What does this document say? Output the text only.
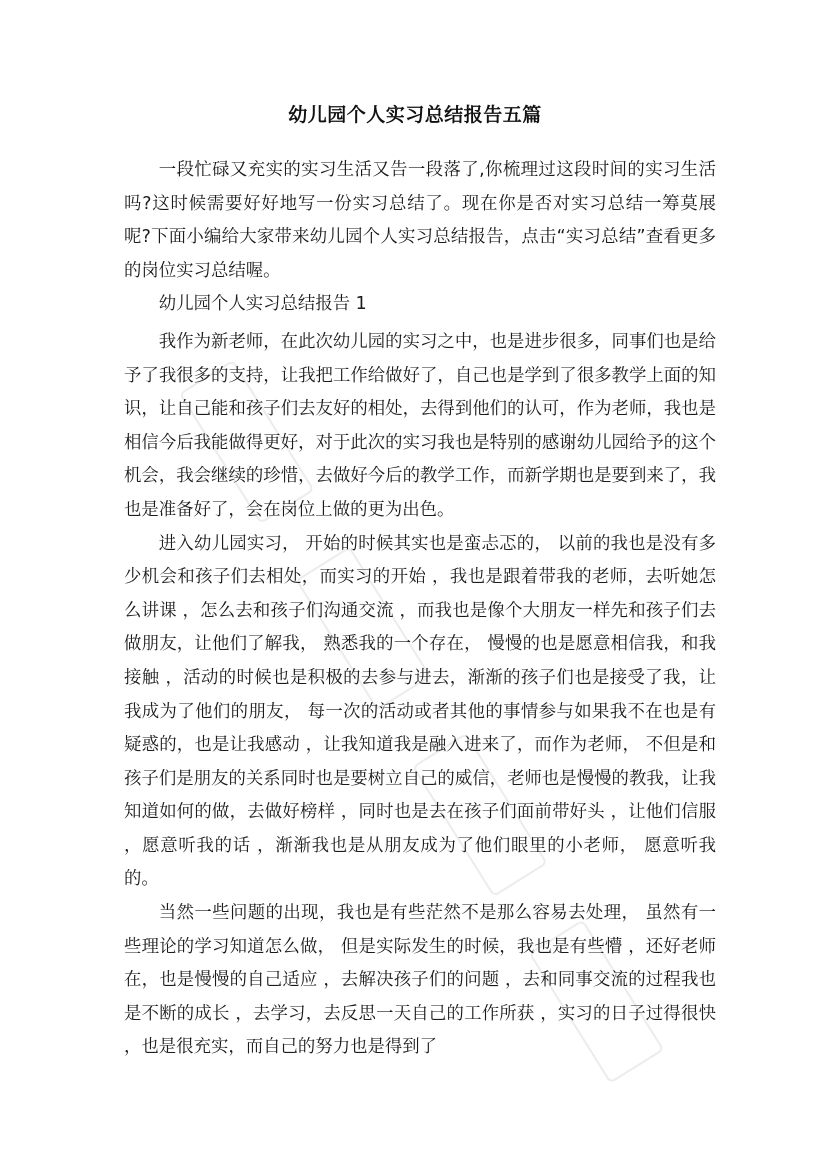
幼儿园个人实习总结报告五篇

一段忙碌又充实的实习生活又告一段落了,你梳理过这段时间的实习生活吗?这时候需要好好地写一份实习总结了。现在你是否对实习总结一筹莫展呢?下面小编给大家带来幼儿园个人实习总结报告，点击“实习总结”查看更多的岗位实习总结喔。

幼儿园个人实习总结报告 1

我作为新老师，在此次幼儿园的实习之中，也是进步很多，同事们也是给予了我很多的支持，让我把工作给做好了，自己也是学到了很多教学上面的知识，让自己能和孩子们去友好的相处，去得到他们的认可，作为老师，我也是相信今后我能做得更好，对于此次的实习我也是特别的感谢幼儿园给予的这个机会，我会继续的珍惜，去做好今后的教学工作，而新学期也是要到来了，我也是准备好了，会在岗位上做的更为出色。

进入幼儿园实习， 开始的时候其实也是蛮忐忑的， 以前的我也是没有多少机会和孩子们去相处，而实习的开始 ，我也是跟着带我的老师，去听她怎么讲课 ，怎么去和孩子们沟通交流 ，而我也是像个大朋友一样先和孩子们去做朋友，让他们了解我， 熟悉我的一个存在， 慢慢的也是愿意相信我，和我接触 ，活动的时候也是积极的去参与进去，渐渐的孩子们也是接受了我，让我成为了他们的朋友， 每一次的活动或者其他的事情参与如果我不在也是有疑惑的，也是让我感动 ，让我知道我是融入进来了，而作为老师， 不但是和孩子们是朋友的关系同时也是要树立自己的威信，老师也是慢慢的教我，让我知道如何的做，去做好榜样 ，同时也是去在孩子们面前带好头 ，让他们信服 ，愿意听我的话 ，渐渐我也是从朋友成为了他们眼里的小老师， 愿意听我的。

当然一些问题的出现，我也是有些茫然不是那么容易去处理， 虽然有一些理论的学习知道怎么做， 但是实际发生的时候，我也是有些懵 ，还好老师在，也是慢慢的自己适应 ，去解决孩子们的问题 ，去和同事交流的过程我也是不断的成长 ，去学习，去反思一天自己的工作所获 ，实习的日子过得很快 ，也是很充实，而自己的努力也是得到了
